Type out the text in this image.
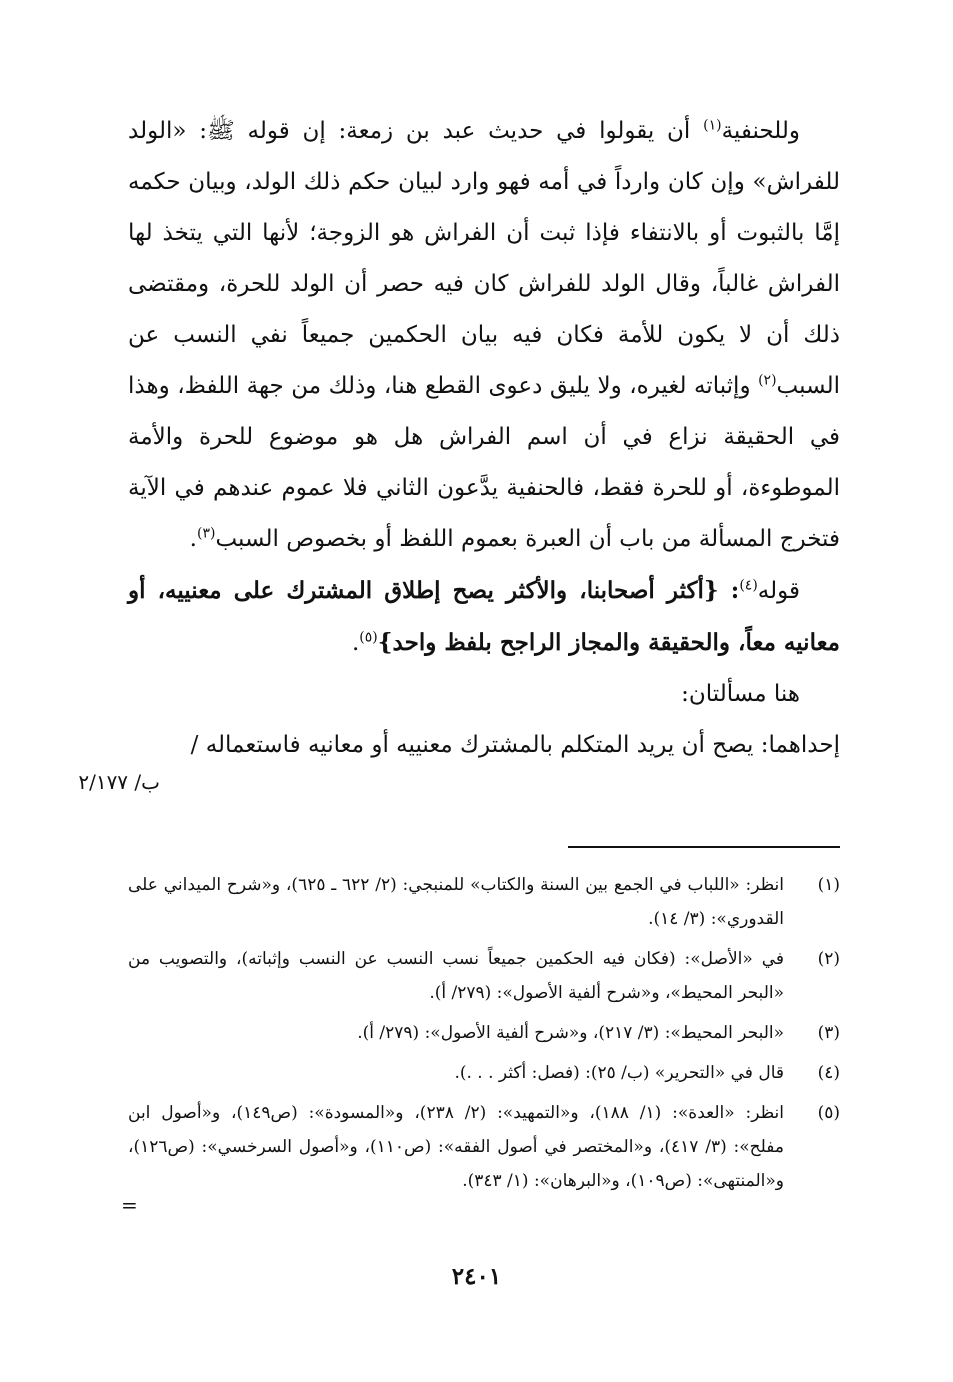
وللحنفية$^{(١)}$ أن يقولوا في حديث عبد بن زمعة: إن قوله ﷺ: «الولد للفراش» وإن كان وارداً في أمه فهو وارد لبيان حكم ذلك الولد، وبيان حكمه إمَّا بالثبوت أو بالانتفاء فإذا ثبت أن الفراش هو الزوجة؛ لأنها التي يتخذ لها الفراش غالباً، وقال الولد للفراش كان فيه حصر أن الولد للحرة، ومقتضى ذلك أن لا يكون للأمة فكان فيه بيان الحكمين جميعاً نفي النسب عن السبب$^{(٢)}$ وإثباته لغيره، ولا يليق دعوى القطع هنا، وذلك من جهة اللفظ، وهذا في الحقيقة نزاع في أن اسم الفراش هل هو موضوع للحرة والأمة الموطوءة، أو للحرة فقط، فالحنفية يدَّعون الثاني فلا عموم عندهم في الآية فتخرج المسألة من باب أن العبرة بعموم اللفظ أو بخصوص السبب$^{(٣)}$.

قوله$^{(٤)}$: {أكثر أصحابنا، والأكثر يصح إطلاق المشترك على معنييه، أو معانيه معاً، والحقيقة والمجاز الراجح بلفظ واحد}$^{(٥)}$.

هنا مسألتان:

إحداهما: يصح أن يريد المتكلم بالمشترك معنييه أو معانيه فاستعماله /

ب/ ٢/١٧٧
(١)
انظر: «اللباب في الجمع بين السنة والكتاب» للمنبجي: (٢/ ٦٢٢ ـ ٦٢٥)، و«شرح الميداني على القدوري»: (٣/ ١٤).
(٢)
في «الأصل»: (فكان فيه الحكمين جميعاً نسب النسب عن النسب وإثباته)، والتصويب من «البحر المحيط»، و«شرح ألفية الأصول»: (٢٧٩/ أ).
(٣)
«البحر المحيط»: (٣/ ٢١٧)، و«شرح ألفية الأصول»: (٢٧٩/ أ).
(٤)
قال في «التحرير» (ب/ ٢٥): (فصل: أكثر . . .).
(٥)
انظر: «العدة»: (١/ ١٨٨)، و«التمهيد»: (٢/ ٢٣٨)، و«المسودة»: (ص١٤٩)، و«أصول ابن مفلح»: (٣/ ٤١٧)، و«المختصر في أصول الفقه»: (ص١١٠)، و«أصول السرخسي»: (ص١٢٦)، و«المنتهى»: (ص١٠٩)، و«البرهان»: (١/ ٣٤٣).
=
٢٤٠١
